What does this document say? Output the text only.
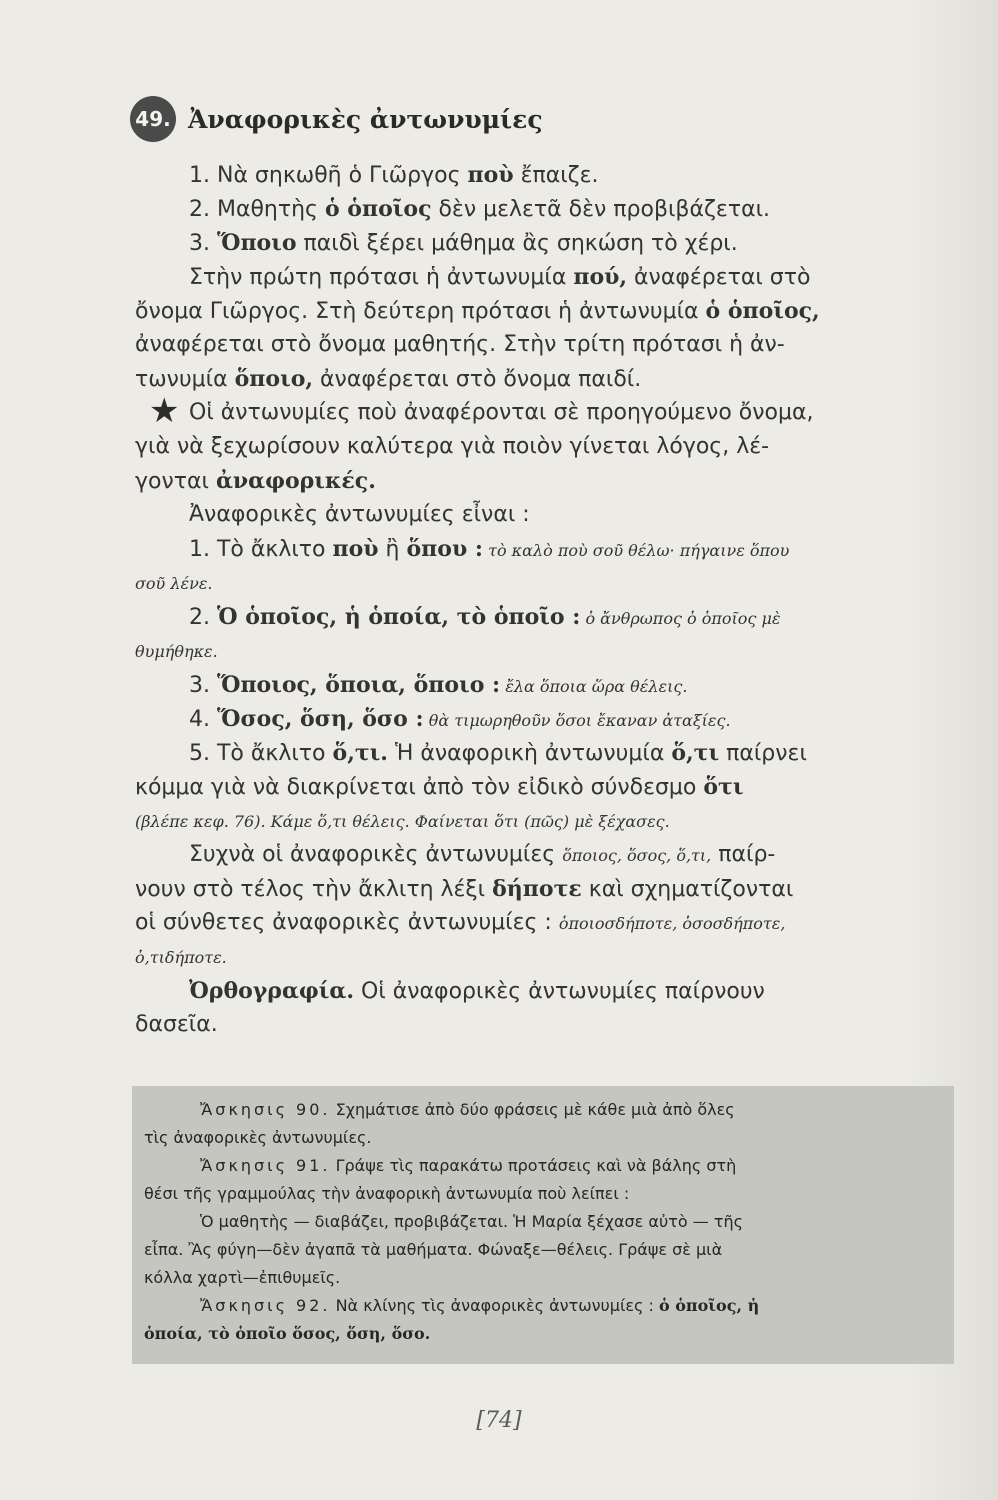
49. Ἀναφορικὲς ἀντωνυμίες
1. Νὰ σηκωθῆ ὁ Γιῶργος ποὺ ἔπαιζε.
2. Μαθητὴς ὁ ὁποῖος δὲν μελετᾶ δὲν προβιβάζεται.
3. Ὅποιο παιδὶ ξέρει μάθημα ἂς σηκώση τὸ χέρι.
Στὴν πρώτη πρότασι ἡ ἀντωνυμία πού, ἀναφέρεται στὸ
ὄνομα Γιῶργος. Στὴ δεύτερη πρότασι ἡ ἀντωνυμία ὁ ὁποῖος,
ἀναφέρεται στὸ ὄνομα μαθητής. Στὴν τρίτη πρότασι ἡ ἀν-
τωνυμία ὅποιο, ἀναφέρεται στὸ ὄνομα παιδί.
★ Οἱ ἀντωνυμίες ποὺ ἀναφέρονται σὲ προηγούμενο ὄνομα,
γιὰ νὰ ξεχωρίσουν καλύτερα γιὰ ποιὸν γίνεται λόγος, λέ-
γονται ἀναφορικές.
Ἀναφορικὲς ἀντωνυμίες εἶναι :
1. Τὸ ἄκλιτο ποὺ ἢ ὅπου : τὸ καλὸ ποὺ σοῦ θέλω· πήγαινε ὅπου
σοῦ λένε.
2. Ὁ ὁποῖος, ἡ ὁποία, τὸ ὁποῖο : ὁ ἄνθρωπος ὁ ὁποῖος μὲ
θυμήθηκε.
3. Ὅποιος, ὅποια, ὅποιο : ἔλα ὅποια ὥρα θέλεις.
4. Ὅσος, ὅση, ὅσο : θὰ τιμωρηθοῦν ὅσοι ἔκαναν ἀταξίες.
5. Τὸ ἄκλιτο ὅ,τι. Ἡ ἀναφορικὴ ἀντωνυμία ὅ,τι παίρνει
κόμμα γιὰ νὰ διακρίνεται ἀπὸ τὸν εἰδικὸ σύνδεσμο ὅτι
(βλέπε κεφ. 76). Κάμε ὅ,τι θέλεις. Φαίνεται ὅτι (πῶς) μὲ ξέχασες.
Συχνὰ οἱ ἀναφορικὲς ἀντωνυμίες ὅποιος, ὅσος, ὅ,τι, παίρ-
νουν στὸ τέλος τὴν ἄκλιτη λέξι δήποτε καὶ σχηματίζονται
οἱ σύνθετες ἀναφορικὲς ἀντωνυμίες : ὁποιοσδήποτε, ὁσοσδήποτε,
ὁ,τιδήποτε.
Ὀρθογραφία. Οἱ ἀναφορικὲς ἀντωνυμίες παίρνουν
δασεῖα.
Ἄσκησις 90. Σχημάτισε ἀπὸ δύο φράσεις μὲ κάθε μιὰ ἀπὸ ὅλες
τὶς ἀναφορικὲς ἀντωνυμίες.
Ἄσκησις 91. Γράψε τὶς παρακάτω προτάσεις καὶ νὰ βάλης στὴ
θέσι τῆς γραμμούλας τὴν ἀναφορικὴ ἀντωνυμία ποὺ λείπει :
Ὁ μαθητὴς — διαβάζει, προβιβάζεται. Ἡ Μαρία ξέχασε αὐτὸ — τῆς
εἶπα. Ἂς φύγη—δὲν ἀγαπᾶ τὰ μαθήματα. Φώναξε—θέλεις. Γράψε σὲ μιὰ
κόλλα χαρτὶ—ἐπιθυμεῖς.
Ἄσκησις 92. Νὰ κλίνης τὶς ἀναφορικὲς ἀντωνυμίες : ὁ ὁποῖος, ἡ
ὁποία, τὸ ὁποῖο ὅσος, ὅση, ὅσο.
[74]
